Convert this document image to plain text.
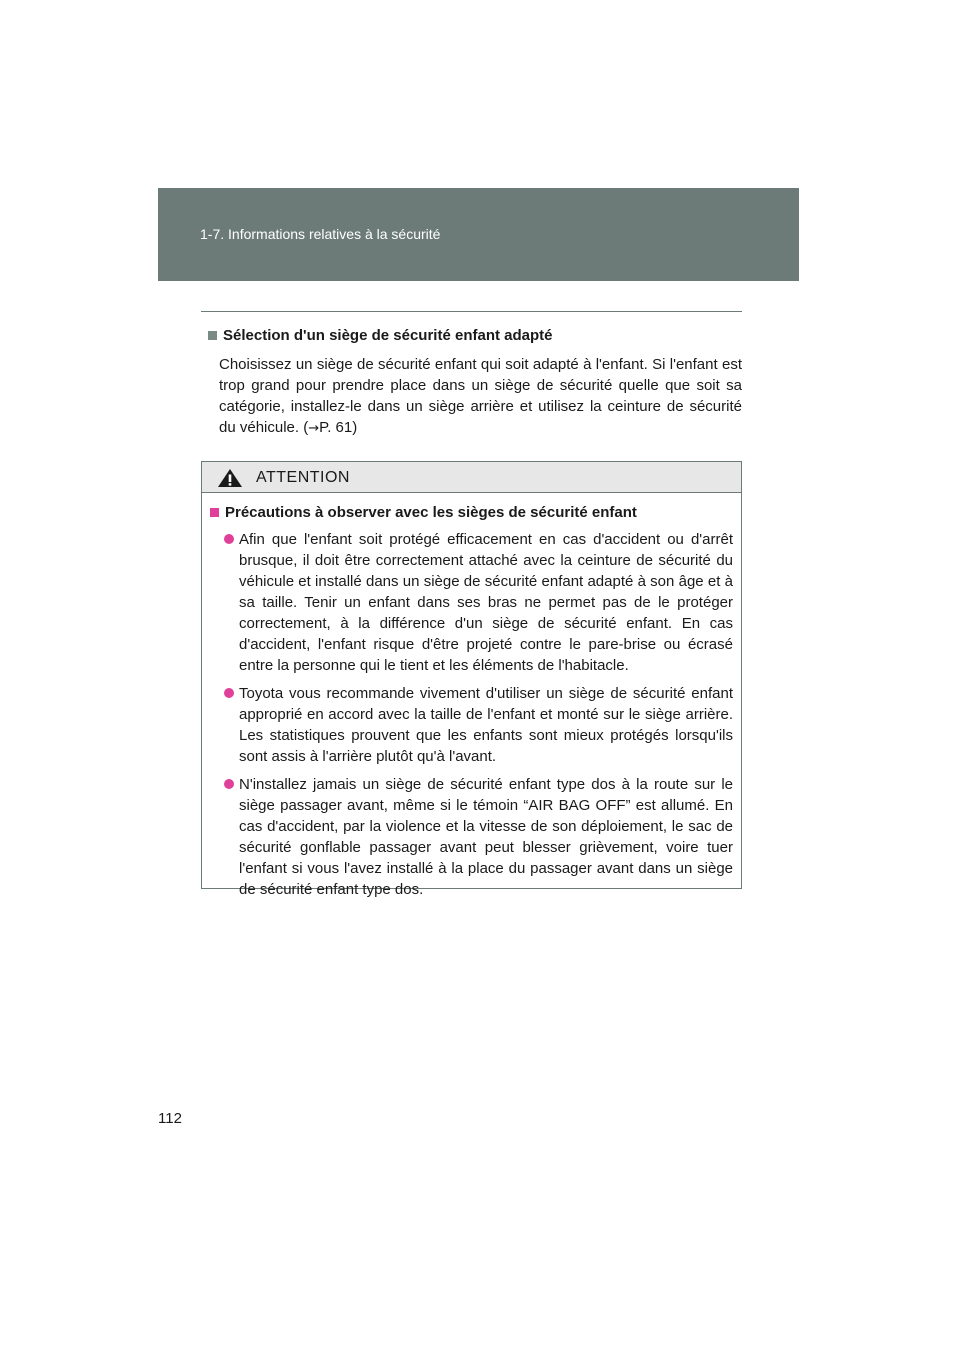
1-7. Informations relatives à la sécurité

Sélection d'un siège de sécurité enfant adapté

Choisissez un siège de sécurité enfant qui soit adapté à l'enfant. Si l'enfant est trop grand pour prendre place dans un siège de sécurité quelle que soit sa catégorie, installez-le dans un siège arrière et utilisez la ceinture de sécurité du véhicule. (→P. 61)

ATTENTION

Précautions à observer avec les sièges de sécurité enfant

Afin que l'enfant soit protégé efficacement en cas d'accident ou d'arrêt brusque, il doit être correctement attaché avec la ceinture de sécurité du véhicule et installé dans un siège de sécurité enfant adapté à son âge et à sa taille. Tenir un enfant dans ses bras ne permet pas de le protéger correctement, à la différence d'un siège de sécurité enfant. En cas d'accident, l'enfant risque d'être projeté contre le pare-brise ou écrasé entre la personne qui le tient et les éléments de l'habitacle.
Toyota vous recommande vivement d'utiliser un siège de sécurité enfant approprié en accord avec la taille de l'enfant et monté sur le siège arrière. Les statistiques prouvent que les enfants sont mieux protégés lorsqu'ils sont assis à l'arrière plutôt qu'à l'avant.
N'installez jamais un siège de sécurité enfant type dos à la route sur le siège passager avant, même si le témoin “AIR BAG OFF” est allumé. En cas d'accident, par la violence et la vitesse de son déploiement, le sac de sécurité gonflable passager avant peut blesser grièvement, voire tuer l'enfant si vous l'avez installé à la place du passager avant dans un siège de sécurité enfant type dos.
112
